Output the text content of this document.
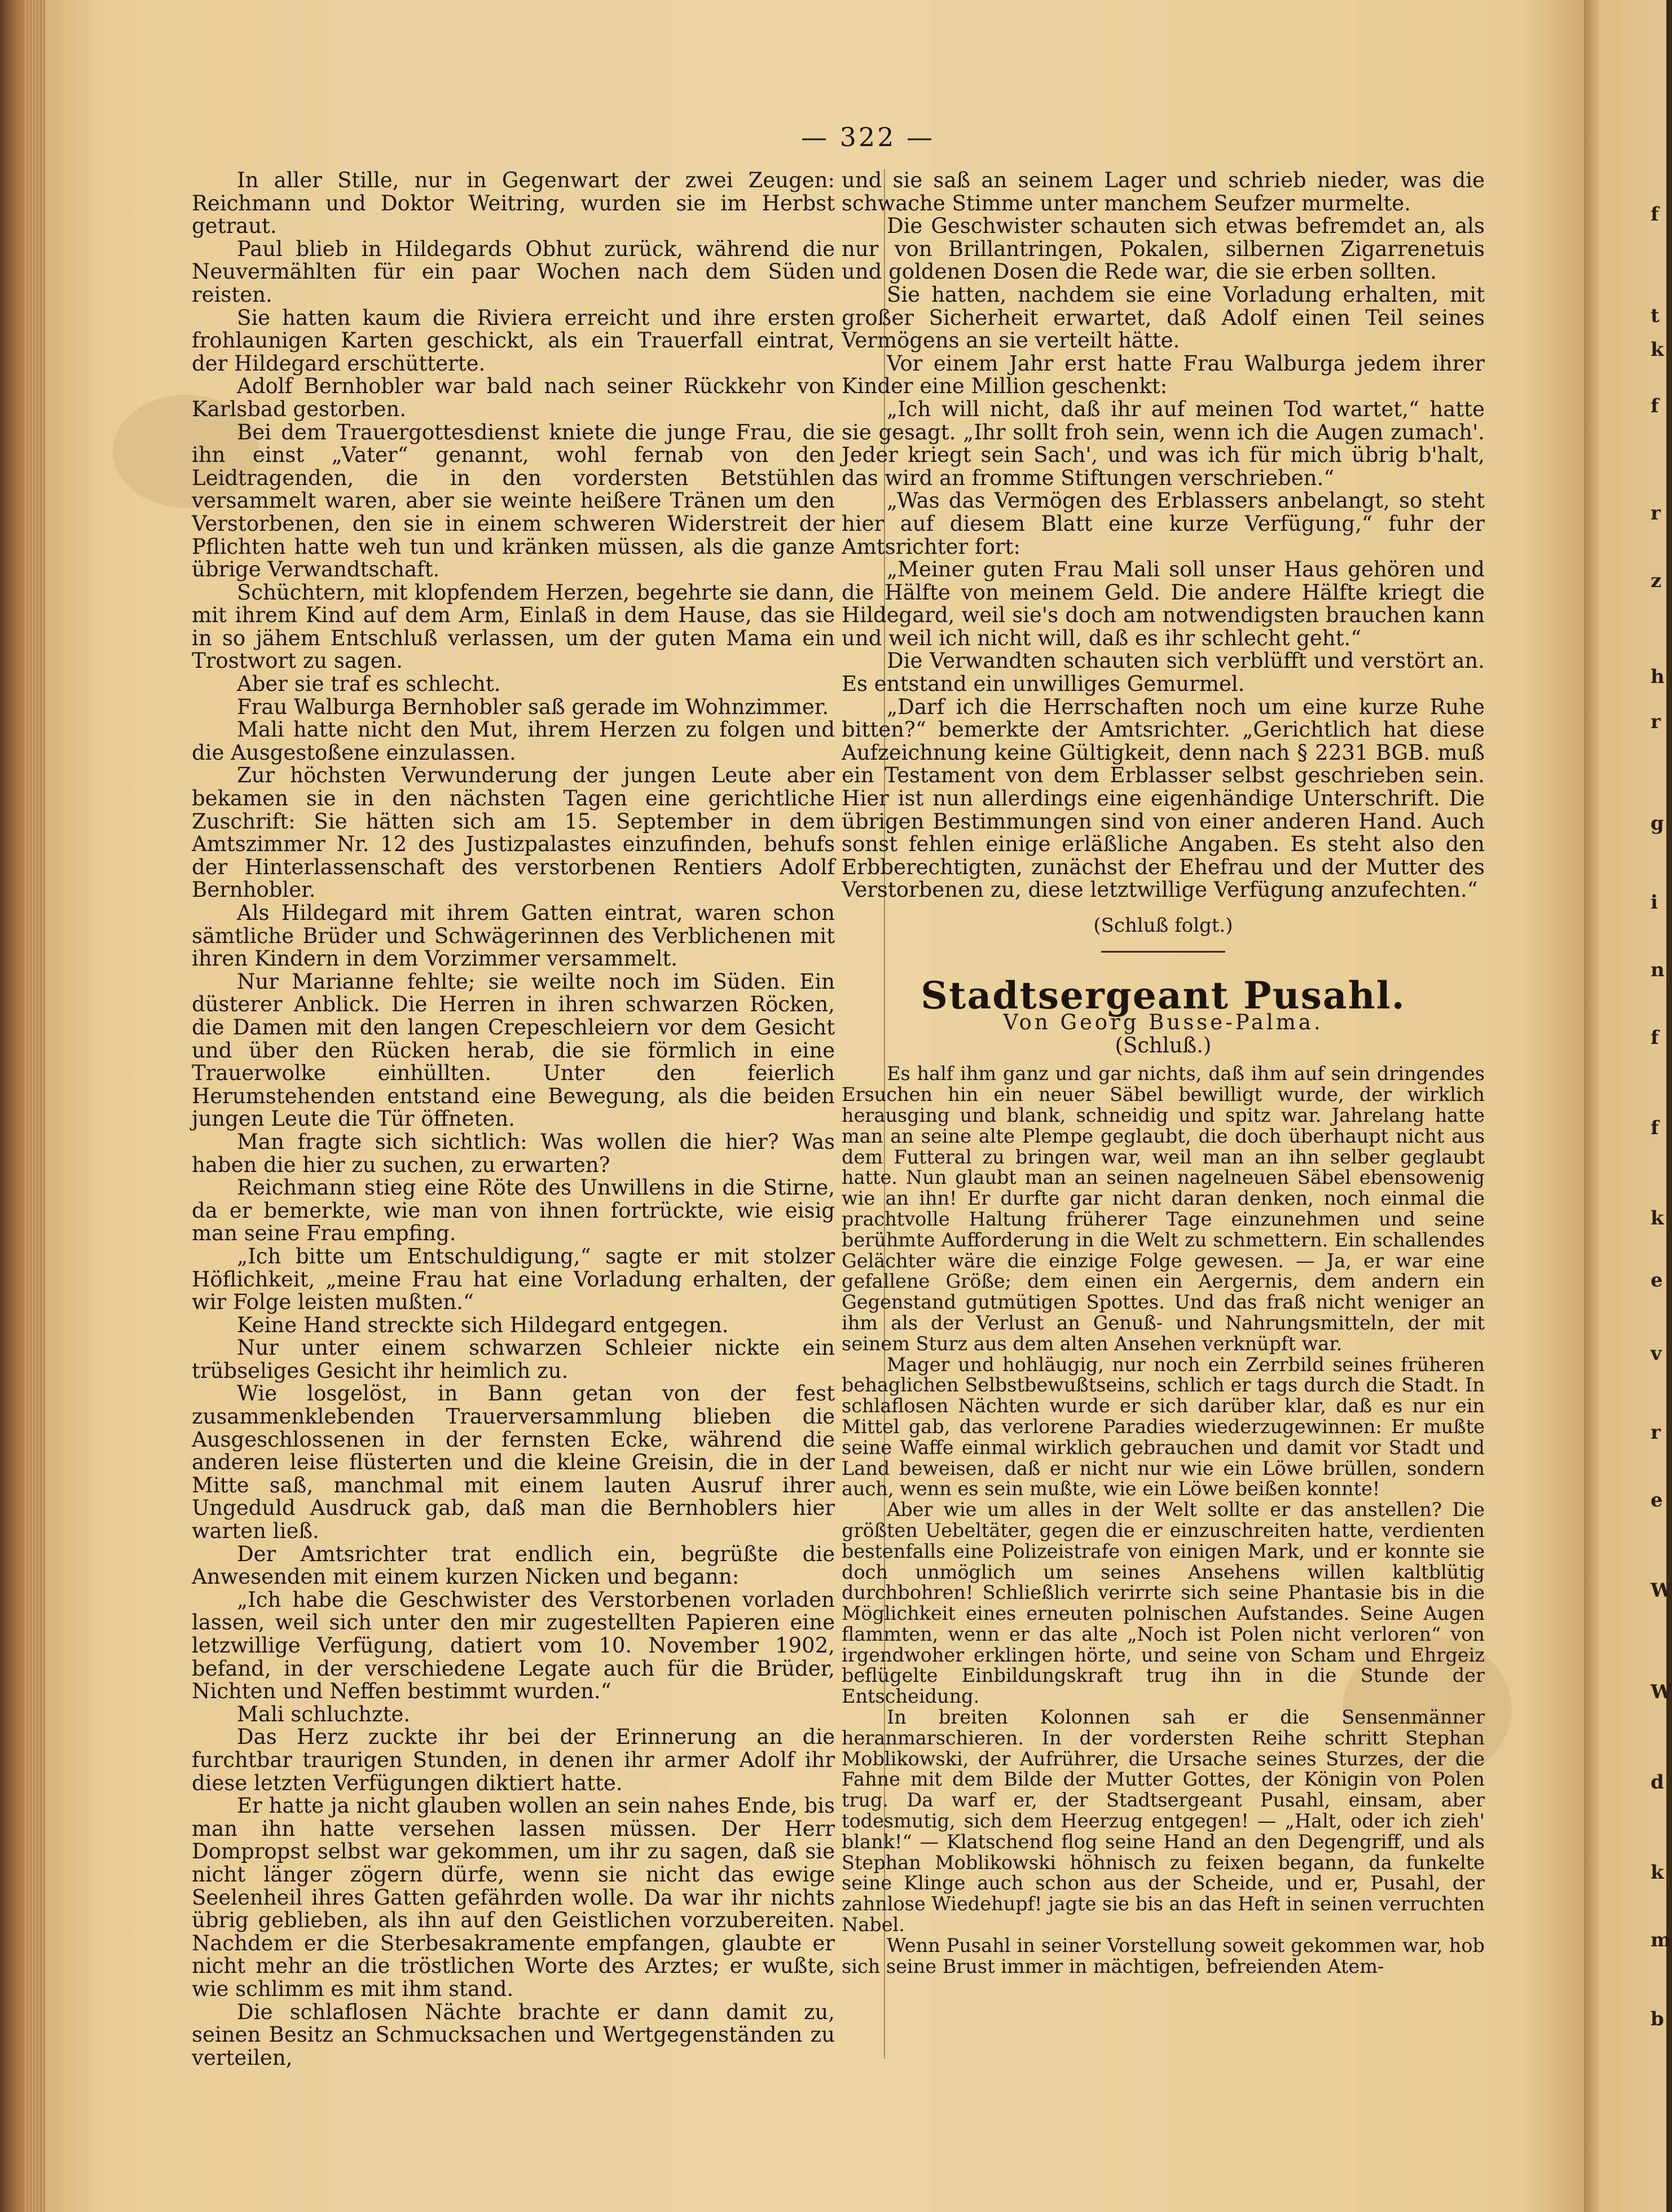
— 322 —

In aller Stille, nur in Gegenwart der zwei Zeugen: Reichmann und Doktor Weitring, wurden sie im Herbst getraut.

Paul blieb in Hildegards Obhut zurück, während die Neuvermählten für ein paar Wochen nach dem Süden reisten.

Sie hatten kaum die Riviera erreicht und ihre ersten frohlaunigen Karten geschickt, als ein Trauerfall eintrat, der Hildegard erschütterte.

Adolf Bernhobler war bald nach seiner Rückkehr von Karlsbad gestorben.

Bei dem Trauergottesdienst kniete die junge Frau, die ihn einst „Vater“ genannt, wohl fernab von den Leidtragenden, die in den vordersten Betstühlen versammelt waren, aber sie weinte heißere Tränen um den Verstorbenen, den sie in einem schweren Widerstreit der Pflichten hatte weh tun und kränken müssen, als die ganze übrige Verwandtschaft.

Schüchtern, mit klopfendem Herzen, begehrte sie dann, mit ihrem Kind auf dem Arm, Einlaß in dem Hause, das sie in so jähem Entschluß verlassen, um der guten Mama ein Trostwort zu sagen.

Aber sie traf es schlecht.

Frau Walburga Bernhobler saß gerade im Wohnzimmer.

Mali hatte nicht den Mut, ihrem Herzen zu folgen und die Ausgestoßene einzulassen.

Zur höchsten Verwunderung der jungen Leute aber bekamen sie in den nächsten Tagen eine gerichtliche Zuschrift: Sie hätten sich am 15. September in dem Amtszimmer Nr. 12 des Justizpalastes einzufinden, behufs der Hinterlassenschaft des verstorbenen Rentiers Adolf Bernhobler.

Als Hildegard mit ihrem Gatten eintrat, waren schon sämtliche Brüder und Schwägerinnen des Verblichenen mit ihren Kindern in dem Vorzimmer versammelt.

Nur Marianne fehlte; sie weilte noch im Süden. Ein düsterer Anblick. Die Herren in ihren schwarzen Röcken, die Damen mit den langen Crepeschleiern vor dem Gesicht und über den Rücken herab, die sie förmlich in eine Trauerwolke einhüllten. Unter den feierlich Herumstehenden entstand eine Bewegung, als die beiden jungen Leute die Tür öffneten.

Man fragte sich sichtlich: Was wollen die hier? Was haben die hier zu suchen, zu erwarten?

Reichmann stieg eine Röte des Unwillens in die Stirne, da er bemerkte, wie man von ihnen fortrückte, wie eisig man seine Frau empfing.

„Ich bitte um Entschuldigung,“ sagte er mit stolzer Höflichkeit, „meine Frau hat eine Vorladung erhalten, der wir Folge leisten mußten.“

Keine Hand streckte sich Hildegard entgegen.

Nur unter einem schwarzen Schleier nickte ein trübseliges Gesicht ihr heimlich zu.

Wie losgelöst, in Bann getan von der fest zusammenklebenden Trauerversammlung blieben die Ausgeschlossenen in der fernsten Ecke, während die anderen leise flüsterten und die kleine Greisin, die in der Mitte saß, manchmal mit einem lauten Ausruf ihrer Ungeduld Ausdruck gab, daß man die Bernhoblers hier warten ließ.

Der Amtsrichter trat endlich ein, begrüßte die Anwesenden mit einem kurzen Nicken und begann:

„Ich habe die Geschwister des Verstorbenen vorladen lassen, weil sich unter den mir zugestellten Papieren eine letzwillige Verfügung, datiert vom 10. November 1902, befand, in der verschiedene Legate auch für die Brüder, Nichten und Neffen bestimmt wurden.“

Mali schluchzte.

Das Herz zuckte ihr bei der Erinnerung an die furchtbar traurigen Stunden, in denen ihr armer Adolf ihr diese letzten Verfügungen diktiert hatte.

Er hatte ja nicht glauben wollen an sein nahes Ende, bis man ihn hatte versehen lassen müssen. Der Herr Dompropst selbst war gekommen, um ihr zu sagen, daß sie nicht länger zögern dürfe, wenn sie nicht das ewige Seelenheil ihres Gatten gefährden wolle. Da war ihr nichts übrig geblieben, als ihn auf den Geistlichen vorzubereiten. Nachdem er die Sterbesakramente empfangen, glaubte er nicht mehr an die tröstlichen Worte des Arztes; er wußte, wie schlimm es mit ihm stand.

Die schlaflosen Nächte brachte er dann damit zu, seinen Besitz an Schmucksachen und Wertgegenständen zu verteilen,

und sie saß an seinem Lager und schrieb nieder, was die schwache Stimme unter manchem Seufzer murmelte.

Die Geschwister schauten sich etwas befremdet an, als nur von Brillantringen, Pokalen, silbernen Zigarrenetuis und goldenen Dosen die Rede war, die sie erben sollten.

Sie hatten, nachdem sie eine Vorladung erhalten, mit großer Sicherheit erwartet, daß Adolf einen Teil seines Vermögens an sie verteilt hätte.

Vor einem Jahr erst hatte Frau Walburga jedem ihrer Kinder eine Million geschenkt:

„Ich will nicht, daß ihr auf meinen Tod wartet,“ hatte sie gesagt. „Ihr sollt froh sein, wenn ich die Augen zumach'. Jeder kriegt sein Sach', und was ich für mich übrig b'halt, das wird an fromme Stiftungen verschrieben.“

„Was das Vermögen des Erblassers anbelangt, so steht hier auf diesem Blatt eine kurze Verfügung,“ fuhr der Amtsrichter fort:

„Meiner guten Frau Mali soll unser Haus gehören und die Hälfte von meinem Geld. Die andere Hälfte kriegt die Hildegard, weil sie's doch am notwendigsten brauchen kann und weil ich nicht will, daß es ihr schlecht geht.“

Die Verwandten schauten sich verblüfft und verstört an. Es entstand ein unwilliges Gemurmel.

„Darf ich die Herrschaften noch um eine kurze Ruhe bitten?“ bemerkte der Amtsrichter. „Gerichtlich hat diese Aufzeichnung keine Gültigkeit, denn nach § 2231 BGB. muß ein Testament von dem Erblasser selbst geschrieben sein. Hier ist nun allerdings eine eigenhändige Unterschrift. Die übrigen Bestimmungen sind von einer anderen Hand. Auch sonst fehlen einige erläßliche Angaben. Es steht also den Erbberechtigten, zunächst der Ehefrau und der Mutter des Verstorbenen zu, diese letztwillige Verfügung anzufechten.“

(Schluß folgt.)
Stadtsergeant Pusahl.
Von Georg Busse-Palma.
(Schluß.)

Es half ihm ganz und gar nichts, daß ihm auf sein dringendes Ersuchen hin ein neuer Säbel bewilligt wurde, der wirklich herausging und blank, schneidig und spitz war. Jahrelang hatte man an seine alte Plempe geglaubt, die doch überhaupt nicht aus dem Futteral zu bringen war, weil man an ihn selber geglaubt hatte. Nun glaubt man an seinen nagelneuen Säbel ebensowenig wie an ihn! Er durfte gar nicht daran denken, noch einmal die prachtvolle Haltung früherer Tage einzunehmen und seine berühmte Aufforderung in die Welt zu schmettern. Ein schallendes Gelächter wäre die einzige Folge gewesen. — Ja, er war eine gefallene Größe; dem einen ein Aergernis, dem andern ein Gegenstand gutmütigen Spottes. Und das fraß nicht weniger an ihm als der Verlust an Genuß- und Nahrungsmitteln, der mit seinem Sturz aus dem alten Ansehen verknüpft war.

Mager und hohläugig, nur noch ein Zerrbild seines früheren behaglichen Selbstbewußtseins, schlich er tags durch die Stadt. In schlaflosen Nächten wurde er sich darüber klar, daß es nur ein Mittel gab, das verlorene Paradies wiederzugewinnen: Er mußte seine Waffe einmal wirklich gebrauchen und damit vor Stadt und Land beweisen, daß er nicht nur wie ein Löwe brüllen, sondern auch, wenn es sein mußte, wie ein Löwe beißen konnte!

Aber wie um alles in der Welt sollte er das anstellen? Die größten Uebeltäter, gegen die er einzuschreiten hatte, verdienten bestenfalls eine Polizeistrafe von einigen Mark, und er konnte sie doch unmöglich um seines Ansehens willen kaltblütig durchbohren! Schließlich verirrte sich seine Phantasie bis in die Möglichkeit eines erneuten polnischen Aufstandes. Seine Augen flammten, wenn er das alte „Noch ist Polen nicht verloren“ von irgendwoher erklingen hörte, und seine von Scham und Ehrgeiz beflügelte Einbildungskraft trug ihn in die Stunde der Entscheidung.

In breiten Kolonnen sah er die Sensenmänner heranmarschieren. In der vordersten Reihe schritt Stephan Moblikowski, der Aufrührer, die Ursache seines Sturzes, der die Fahne mit dem Bilde der Mutter Gottes, der Königin von Polen trug. Da warf er, der Stadtsergeant Pusahl, einsam, aber todesmutig, sich dem Heerzug entgegen! — „Halt, oder ich zieh' blank!“ — Klatschend flog seine Hand an den Degengriff, und als Stephan Moblikowski höhnisch zu feixen begann, da funkelte seine Klinge auch schon aus der Scheide, und er, Pusahl, der zahnlose Wiedehupf! jagte sie bis an das Heft in seinen verruchten Nabel.

Wenn Pusahl in seiner Vorstellung soweit gekommen war, hob sich seine Brust immer in mächtigen, befreienden Atem-

f
t
k
f
r
z
h
r
g
i
n
f
f
k
e
v
r
e
W
W
d
k
m
b
